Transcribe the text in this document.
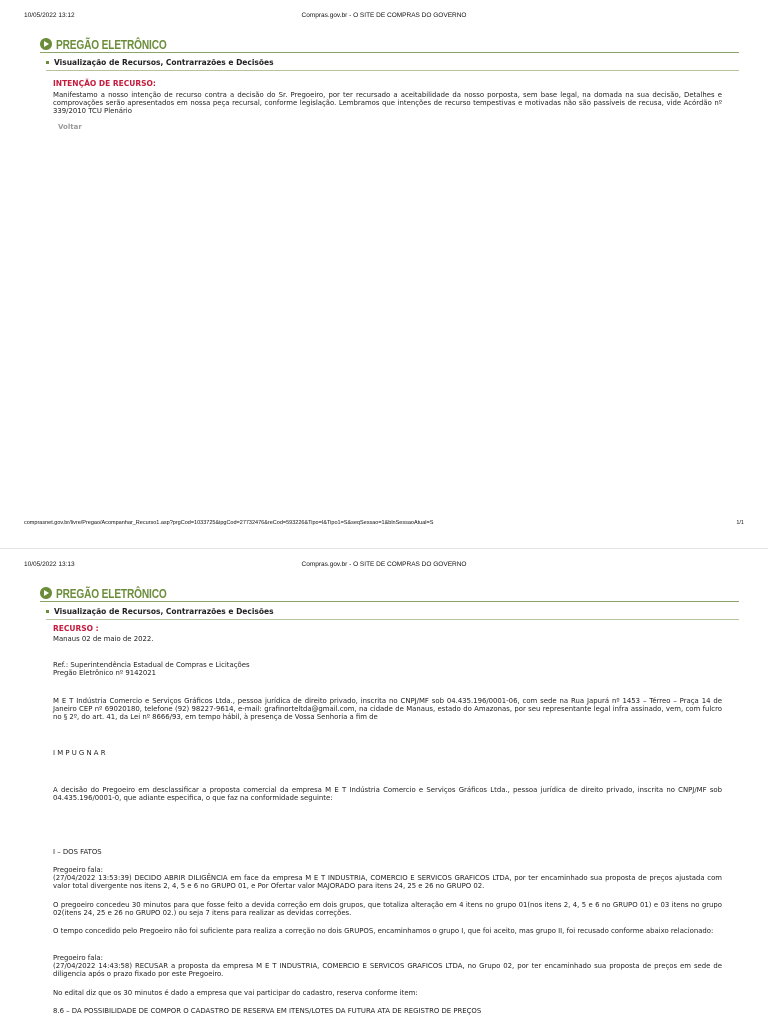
10/05/2022 13:12	Compras.gov.br - O SITE DE COMPRAS DO GOVERNO
PREGÃO ELETRÔNICO
Visualização de Recursos, Contrarrazões e Decisões
INTENÇÃO DE RECURSO:
Manifestamo a nosso intenção de recurso contra a decisão do Sr. Pregoeiro, por ter recursado a aceitabilidade da nosso porposta, sem base legal, na domada na sua decisão, Detalhes e comprovações serão apresentados em nossa peça recursal, conforme legislação. Lembramos que intenções de recurso tempestivas e motivadas não são passíveis de recusa, vide Acórdão nº 339/2010 TCU Plenário
Voltar
comprasnet.gov.br/livre/Pregao/Acompanhar_Recurso1.asp?prgCod=1033725&ipgCod=27732476&reCod=593226&Tipo=I&Tipo1=S&seqSessao=1&blnSessaoAtual=S	1/1
10/05/2022 13:13	Compras.gov.br - O SITE DE COMPRAS DO GOVERNO
PREGÃO ELETRÔNICO
Visualização de Recursos, Contrarrazões e Decisões
RECURSO :
Manaus 02 de maio de 2022.
Ref.: Superintendência Estadual de Compras e Licitações
Pregão Eletrônico nº 9142021
M E T Indústria Comercio e Serviços Gráficos Ltda., pessoa jurídica de direito privado, inscrita no CNPJ/MF sob 04.435.196/0001-06, com sede na Rua Japurá nº 1453 – Térreo – Praça 14 de Janeiro CEP nº 69020180, telefone (92) 98227-9614, e-mail: grafinorteltda@gmail.com, na cidade de Manaus, estado do Amazonas, por seu representante legal infra assinado, vem, com fulcro no § 2º, do art. 41, da Lei nº 8666/93, em tempo hábil, à presença de Vossa Senhoria a fim de
I M P U G N A R
A decisão do Pregoeiro em desclassificar a proposta comercial da empresa M E T Indústria Comercio e Serviços Gráficos Ltda., pessoa jurídica de direito privado, inscrita no CNPJ/MF sob 04.435.196/0001-0, que adiante especifica, o que faz na conformidade seguinte:
I – DOS FATOS
Pregoeiro fala:
(27/04/2022 13:53:39) DECIDO ABRIR DILIGÊNCIA em face da empresa M E T INDUSTRIA, COMERCIO E SERVICOS GRAFICOS LTDA, por ter encaminhado sua proposta de preços ajustada com valor total divergente nos itens 2, 4, 5 e 6 no GRUPO 01, e Por Ofertar valor MAJORADO para itens 24, 25 e 26 no GRUPO 02.
O pregoeiro concedeu 30 minutos para que fosse feito a devida correção em dois grupos, que totaliza alteração em 4 itens no grupo 01(nos itens 2, 4, 5 e 6 no GRUPO 01) e 03 itens no grupo 02(itens 24, 25 e 26 no GRUPO 02.) ou seja 7 itens para realizar as devidas correções.
O tempo concedido pelo Pregoeiro não foi suficiente para realiza a correção no dois GRUPOS, encaminhamos o grupo I, que foi aceito, mas grupo II, foi recusado conforme abaixo relacionado:
Pregoeiro fala:
(27/04/2022 14:43:58) RECUSAR a proposta da empresa M E T INDUSTRIA, COMERCIO E SERVICOS GRAFICOS LTDA, no Grupo 02, por ter encaminhado sua proposta de preços em sede de diligencia após o prazo fixado por este Pregoeiro.
No edital diz que os 30 minutos é dado a empresa que vai participar do cadastro, reserva conforme item:
8.6 – DA POSSIBILIDADE DE COMPOR O CADASTRO DE RESERVA EM ITENS/LOTES DA FUTURA ATA DE REGISTRO DE PREÇOS
